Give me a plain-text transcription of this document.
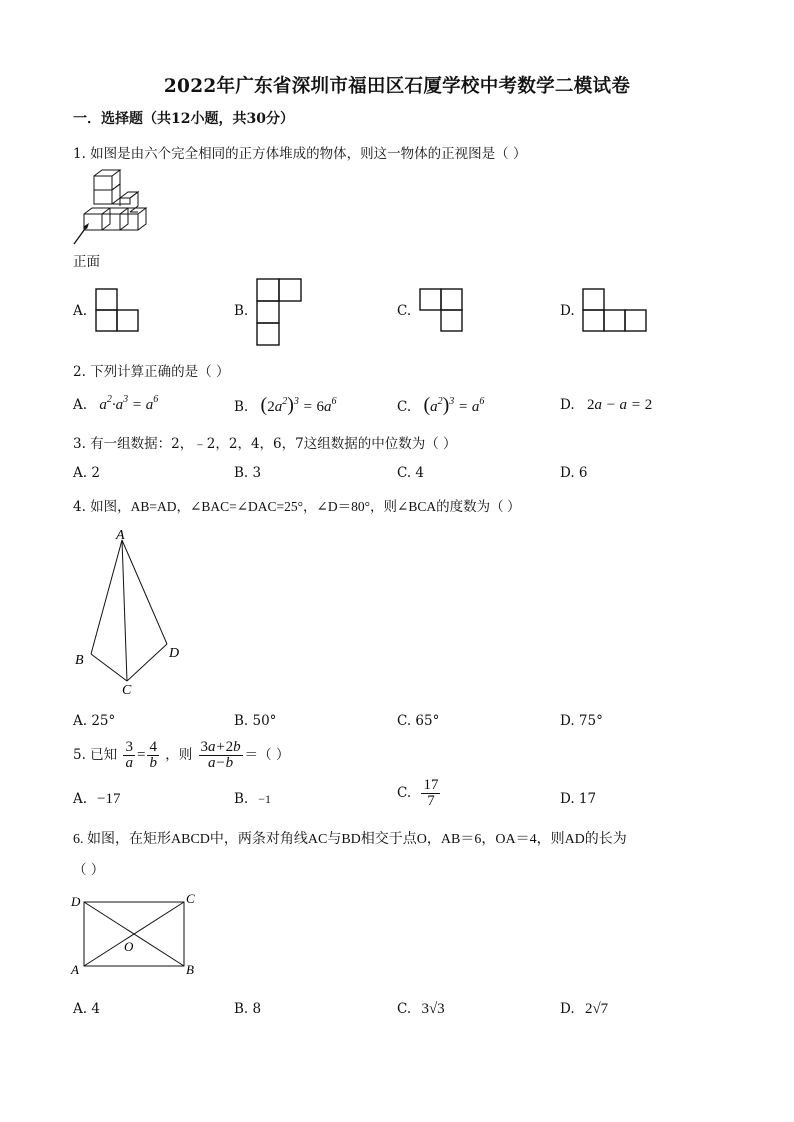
2022年广东省深圳市福田区石厦学校中考数学二模试卷
一．选择题（共12小题，共30分）
1. 如图是由六个完全相同的正方体堆成的物体，则这一物体的正视图是（ ）
正面
A.	B.	C.	D.
2. 下列计算正确的是（ ）
A. $a^2\cdot a^3 = a^6$	B. $(2a^2)^3 = 6a^6$	C. $(a^2)^3 = a^6$	D. 2a − a = 2
3. 有一组数据：2，﹣2，2，4，6，7这组数据的中位数为（ ）
A. 2	B. 3	C. 4	D. 6
4. 如图，AB=AD，∠BAC=∠DAC=25°，∠D＝80°，则∠BCA的度数为（ ）
A
B
C
D
A. 25°	B. 50°	C. 65°	D. 75°
5. 已知 $\frac{3}{a} = \frac{4}{b}$ ，则 $\frac{3a+2b}{a-b}$ ＝（ ）
A. −17	B. −1	C. $\frac{17}{7}$	D. 17
6. 如图，在矩形ABCD中，两条对角线AC与BD相交于点O，AB＝6，OA＝4，则AD的长为
（ ）
D	C
O
A	B
A. 4	B. 8	C. 3√3	D. 2√7
